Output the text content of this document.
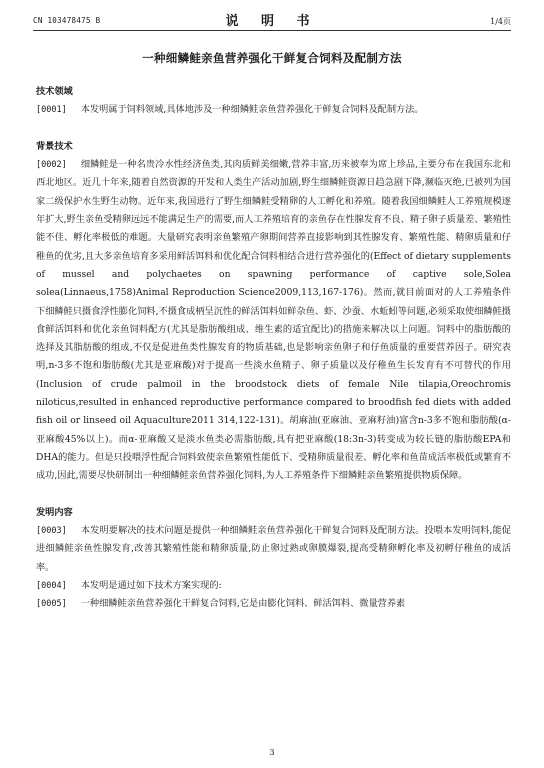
CN 103478475 B	说 明 书	1/4页
一种细鳞鲑亲鱼营养强化干鲜复合饲料及配制方法

技术领域

[0001] 本发明属于饲料领域,具体地涉及一种细鳞鲑亲鱼营养强化干鲜复合饲料及配制方法。

背景技术

[0002] 细鳞鲑是一种名贵冷水性经济鱼类,其肉质鲜美细嫩,营养丰富,历来被奉为席上珍品,主要分布在我国东北和西北地区。近几十年来,随着自然资源的开发和人类生产活动加剧,野生细鳞鲑资源日趋急剧下降,濒临灭绝,已被列为国家二级保护水生野生动物。近年来,我国进行了野生细鳞鲑受精卵的人工孵化和养殖。随着我国细鳞鲑人工养殖规模逐年扩大,野生亲鱼受精卵远远不能满足生产的需要,而人工养殖培育的亲鱼存在性腺发育不良、精子卵子质量差、繁殖性能不佳、孵化率极低的难题。大量研究表明亲鱼繁殖产卵期间营养直接影响到其性腺发育、繁殖性能、精卵质量和仔稚鱼的优劣,且大多亲鱼培育多采用鲜活饵料和优化配合饲料相结合进行营养强化的(Effect of dietary supplements of mussel and polychaetes on spawning performance of captive sole,Solea solea(Linnaeus,1758)Animal Reproduction Science2009,113,167-176)。然而,就目前面对的人工养殖条件下细鳞鲑只摄食浮性膨化饲料,不摄食成柄呈沉性的鲜活饵料如鲜杂鱼、虾、沙蚕、水蚯蚓等问题,必须采取使细鳞鲑摄食鲜活饵料和优化亲鱼饲料配方(尤其是脂肪酸组成、维生素的适宜配比)的措施来解决以上问题。饲料中的脂肪酸的选择及其脂肪酸的组成,不仅是促进鱼类性腺发育的物质基础,也是影响亲鱼卵子和仔鱼质量的重要营养因子。研究表明,n-3多不饱和脂肪酸(尤其是亚麻酸)对于提高一些淡水鱼精子、卵子质量以及仔稚鱼生长发育有不可替代的作用(Inclusion of crude palmoil in the broodstock diets of female Nile tilapia,Oreochromis niloticus,resulted in enhanced reproductive performance compared to broodfish fed diets with added fish oil or linseed oil Aquaculture2011 314,122-131)。胡麻油(亚麻油、亚麻籽油)富含n-3多不饱和脂肪酸(α-亚麻酸45%以上)。而α-亚麻酸又是淡水鱼类必需脂肪酸,具有把亚麻酸(18:3n-3)转变成为较长链的脂肪酸EPA和DHA的能力。但是只投喂浮性配合饲料致使亲鱼繁殖性能低下、受精卵质量很差、孵化率和鱼苗成活率极低或繁育不成功,因此,需要尽快研制出一种细鳞鲑亲鱼营养强化饲料,为人工养殖条件下细鳞鲑亲鱼繁殖提供物质保障。

发明内容

[0003] 本发明要解决的技术问题是提供一种细鳞鲑亲鱼营养强化干鲜复合饲料及配制方法。投喂本发明饲料,能促进细鳞鲑亲鱼性腺发育,改善其繁殖性能和精卵质量,防止卵过熟或卵膜爆裂,提高受精卵孵化率及初孵仔稚鱼的成活率。

[0004] 本发明是通过如下技术方案实现的:

[0005] 一种细鳞鲑亲鱼营养强化干鲜复合饲料,它是由膨化饲料、鲜活饵料、微量营养素

3
